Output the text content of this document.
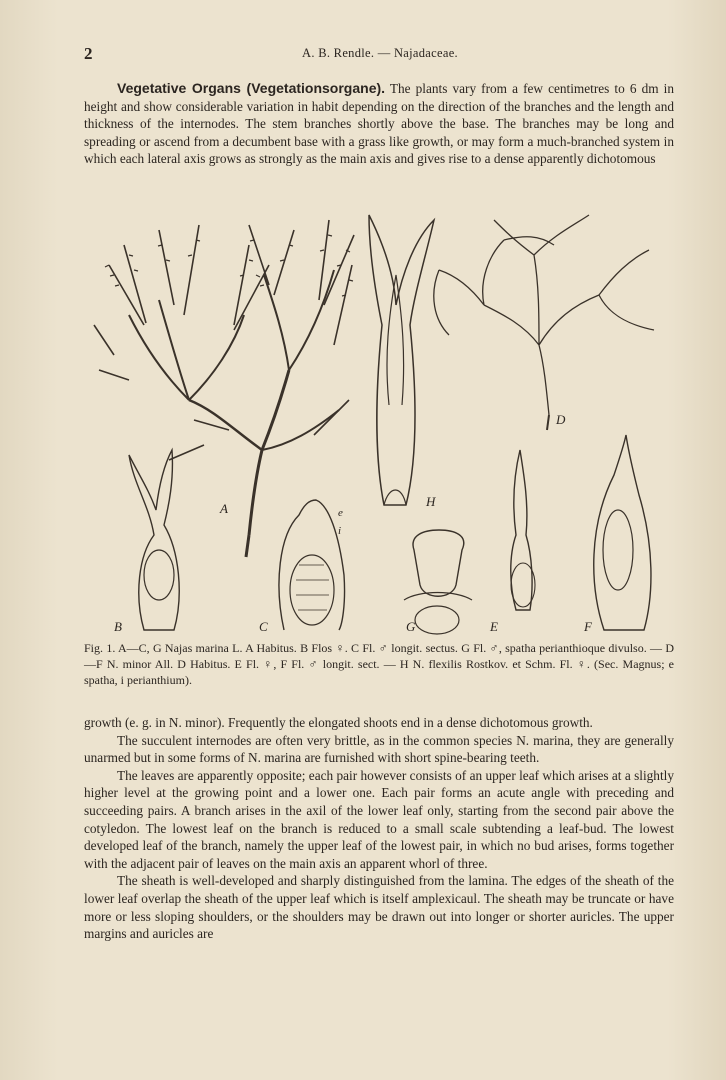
2	A. B. Rendle. — Najadaceae.

Vegetative Organs (Vegetationsorgane). The plants vary from a few centimetres to 6 dm in height and show considerable variation in habit depending on the direction of the branches and the length and thickness of the internodes. The stem branches shortly above the base. The branches may be long and spreading or ascend from a decumbent base with a grass like growth, or may form a much-branched system in which each lateral axis grows as strongly as the main axis and gives rise to a dense apparently dichotomous

A	H
D
B	C	G	E	F
e
i

Fig. 1. A—C, G Najas marina L. A Habitus. B Flos ♀. C Fl. ♂ longit. sectus. G Fl. ♂, spatha perianthioque divulso. — D—F N. minor All. D Habitus. E Fl. ♀, F Fl. ♂ longit. sect. — H N. flexilis Rostkov. et Schm. Fl. ♀. (Sec. Magnus; e spatha, i perianthium).

growth (e. g. in N. minor). Frequently the elongated shoots end in a dense dichotomous growth.

The succulent internodes are often very brittle, as in the common species N. marina, they are generally unarmed but in some forms of N. marina are furnished with short spine-bearing teeth.

The leaves are apparently opposite; each pair however consists of an upper leaf which arises at a slightly higher level at the growing point and a lower one. Each pair forms an acute angle with preceding and succeeding pairs. A branch arises in the axil of the lower leaf only, starting from the second pair above the cotyledon. The lowest leaf on the branch is reduced to a small scale subtending a leaf-bud. The lowest developed leaf of the branch, namely the upper leaf of the lowest pair, in which no bud arises, forms together with the adjacent pair of leaves on the main axis an apparent whorl of three.

The sheath is well-developed and sharply distinguished from the lamina. The edges of the sheath of the lower leaf overlap the sheath of the upper leaf which is itself amplexicaul. The sheath may be truncate or have more or less sloping shoulders, or the shoulders may be drawn out into longer or shorter auricles. The upper margins and auricles are
